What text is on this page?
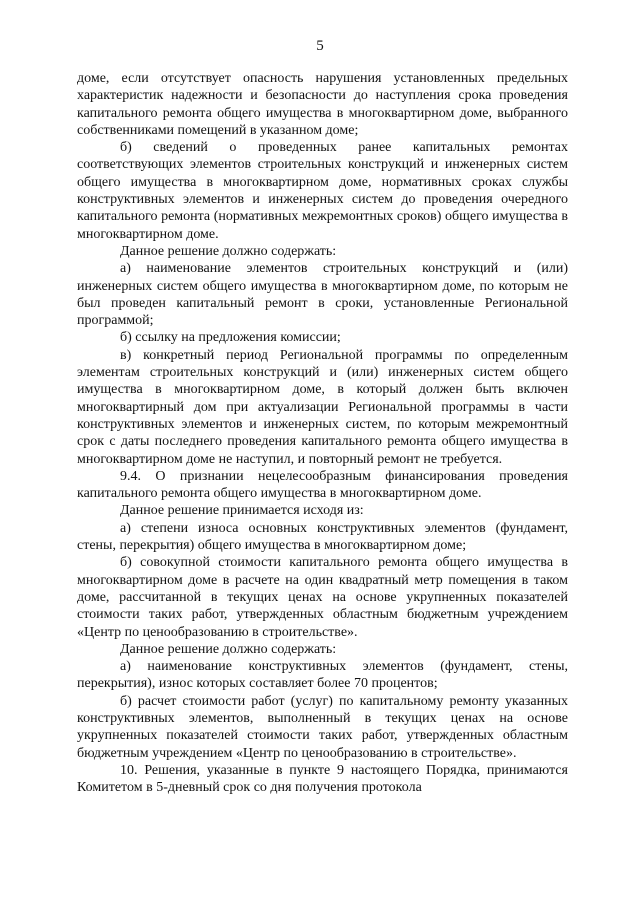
5

доме, если отсутствует опасность нарушения установленных предельных характеристик надежности и безопасности до наступления срока проведения капитального ремонта общего имущества в многоквартирном доме, выбранного собственниками помещений в указанном доме;

б) сведений о проведенных ранее капитальных ремонтах соответствующих элементов строительных конструкций и инженерных систем общего имущества в многоквартирном доме, нормативных сроках службы конструктивных элементов и инженерных систем до проведения очередного капитального ремонта (нормативных межремонтных сроков) общего имущества в многоквартирном доме.

Данное решение должно содержать:

а) наименование элементов строительных конструкций и (или) инженерных систем общего имущества в многоквартирном доме, по которым не был проведен капитальный ремонт в сроки, установленные Региональной программой;

б) ссылку на предложения комиссии;

в) конкретный период Региональной программы по определенным элементам строительных конструкций и (или) инженерных систем общего имущества в многоквартирном доме, в который должен быть включен многоквартирный дом при актуализации Региональной программы в части конструктивных элементов и инженерных систем, по которым межремонтный срок с даты последнего проведения капитального ремонта общего имущества в многоквартирном доме не наступил, и повторный ремонт не требуется.

9.4. О признании нецелесообразным финансирования проведения капитального ремонта общего имущества в многоквартирном доме.

Данное решение принимается исходя из:

а) степени износа основных конструктивных элементов (фундамент, стены, перекрытия) общего имущества в многоквартирном доме;

б) совокупной стоимости капитального ремонта общего имущества в многоквартирном доме в расчете на один квадратный метр помещения в таком доме, рассчитанной в текущих ценах на основе укрупненных показателей стоимости таких работ, утвержденных областным бюджетным учреждением «Центр по ценообразованию в строительстве».

Данное решение должно содержать:

а) наименование конструктивных элементов (фундамент, стены, перекрытия), износ которых составляет более 70 процентов;

б) расчет стоимости работ (услуг) по капитальному ремонту указанных конструктивных элементов, выполненный в текущих ценах на основе укрупненных показателей стоимости таких работ, утвержденных областным бюджетным учреждением «Центр по ценообразованию в строительстве».

10. Решения, указанные в пункте 9 настоящего Порядка, принимаются Комитетом в 5-дневный срок со дня получения протокола
